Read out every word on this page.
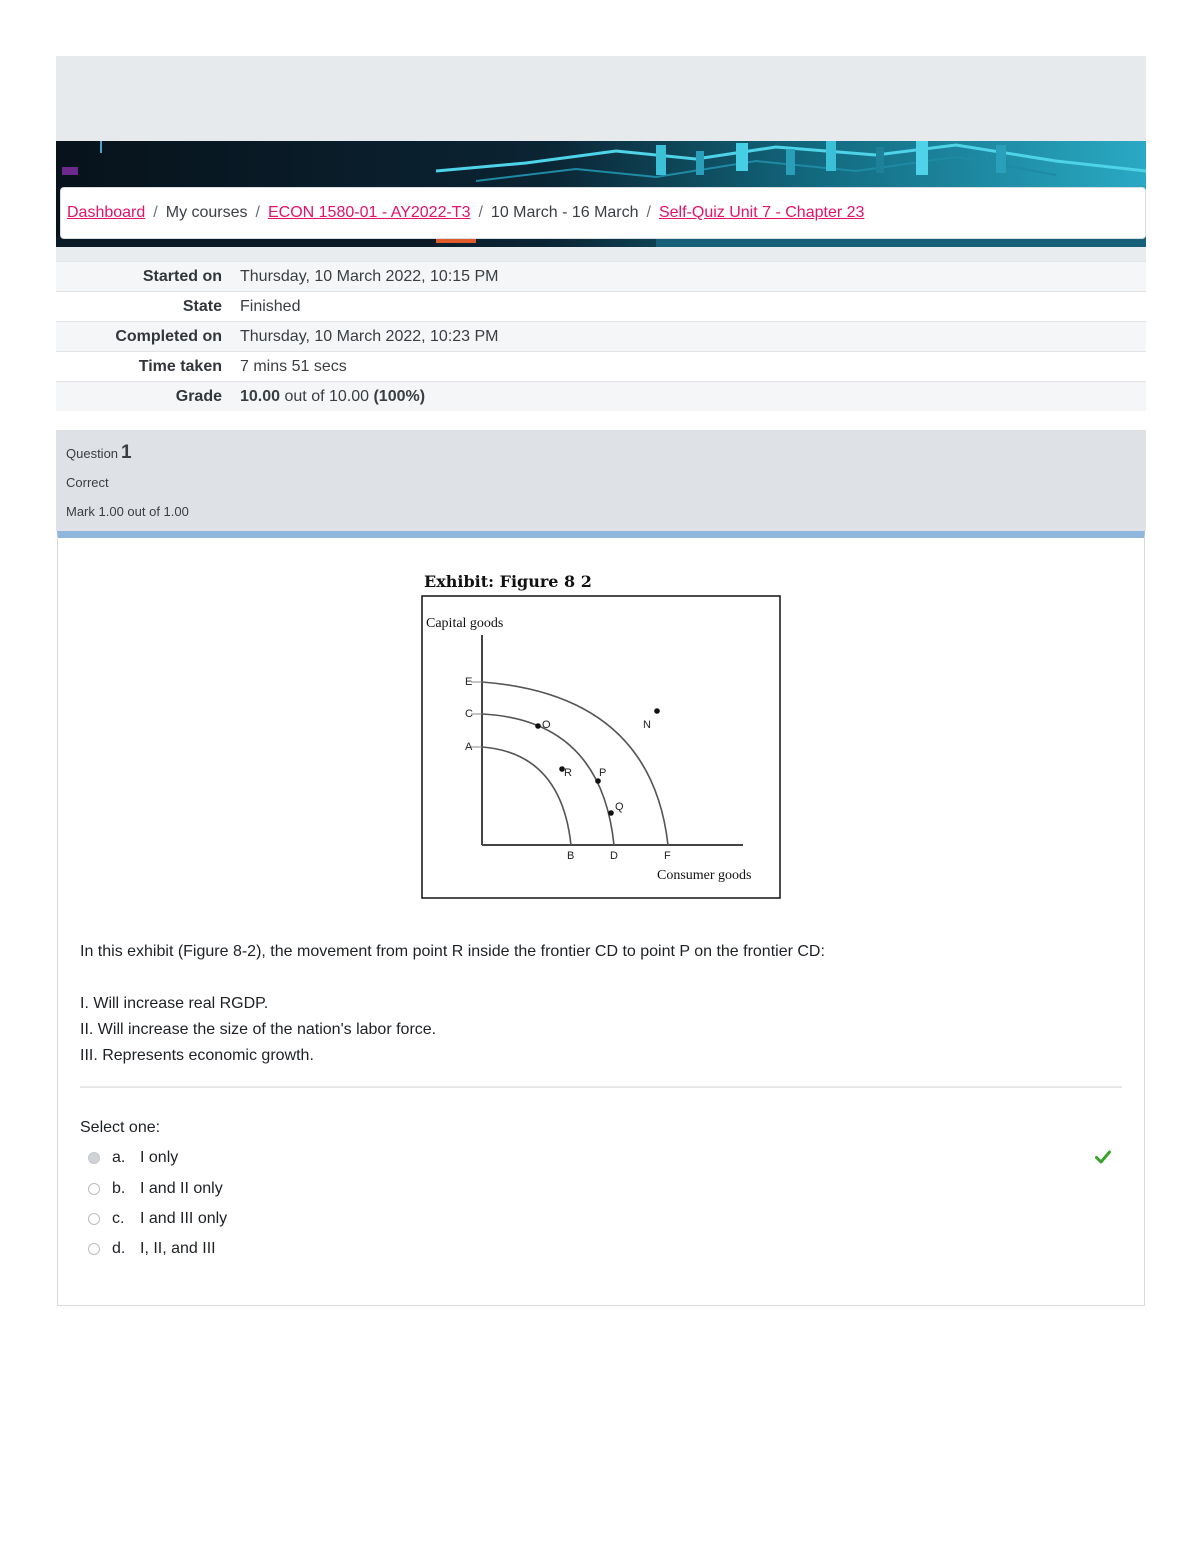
Dashboard / My courses / ECON 1580-01 - AY2022-T3 / 10 March - 16 March / Self-Quiz Unit 7 - Chapter 23
Started on	Thursday, 10 March 2022, 10:15 PM
State	Finished
Completed on	Thursday, 10 March 2022, 10:23 PM
Time taken	7 mins 51 secs
Grade	10.00 out of 10.00 (100%)
Question 1
Correct
Mark 1.00 out of 1.00
Exhibit: Figure 8 2
Capital goods
E
C
A
B	D	F
O	N
R P
Q
Consumer goods
In this exhibit (Figure 8-2), the movement from point R inside the frontier CD to point P on the frontier CD:
I. Will increase real RGDP.
II. Will increase the size of the nation's labor force.
III. Represents economic growth.
Select one:
a. I only
b. I and II only
c. I and III only
d. I, II, and III
